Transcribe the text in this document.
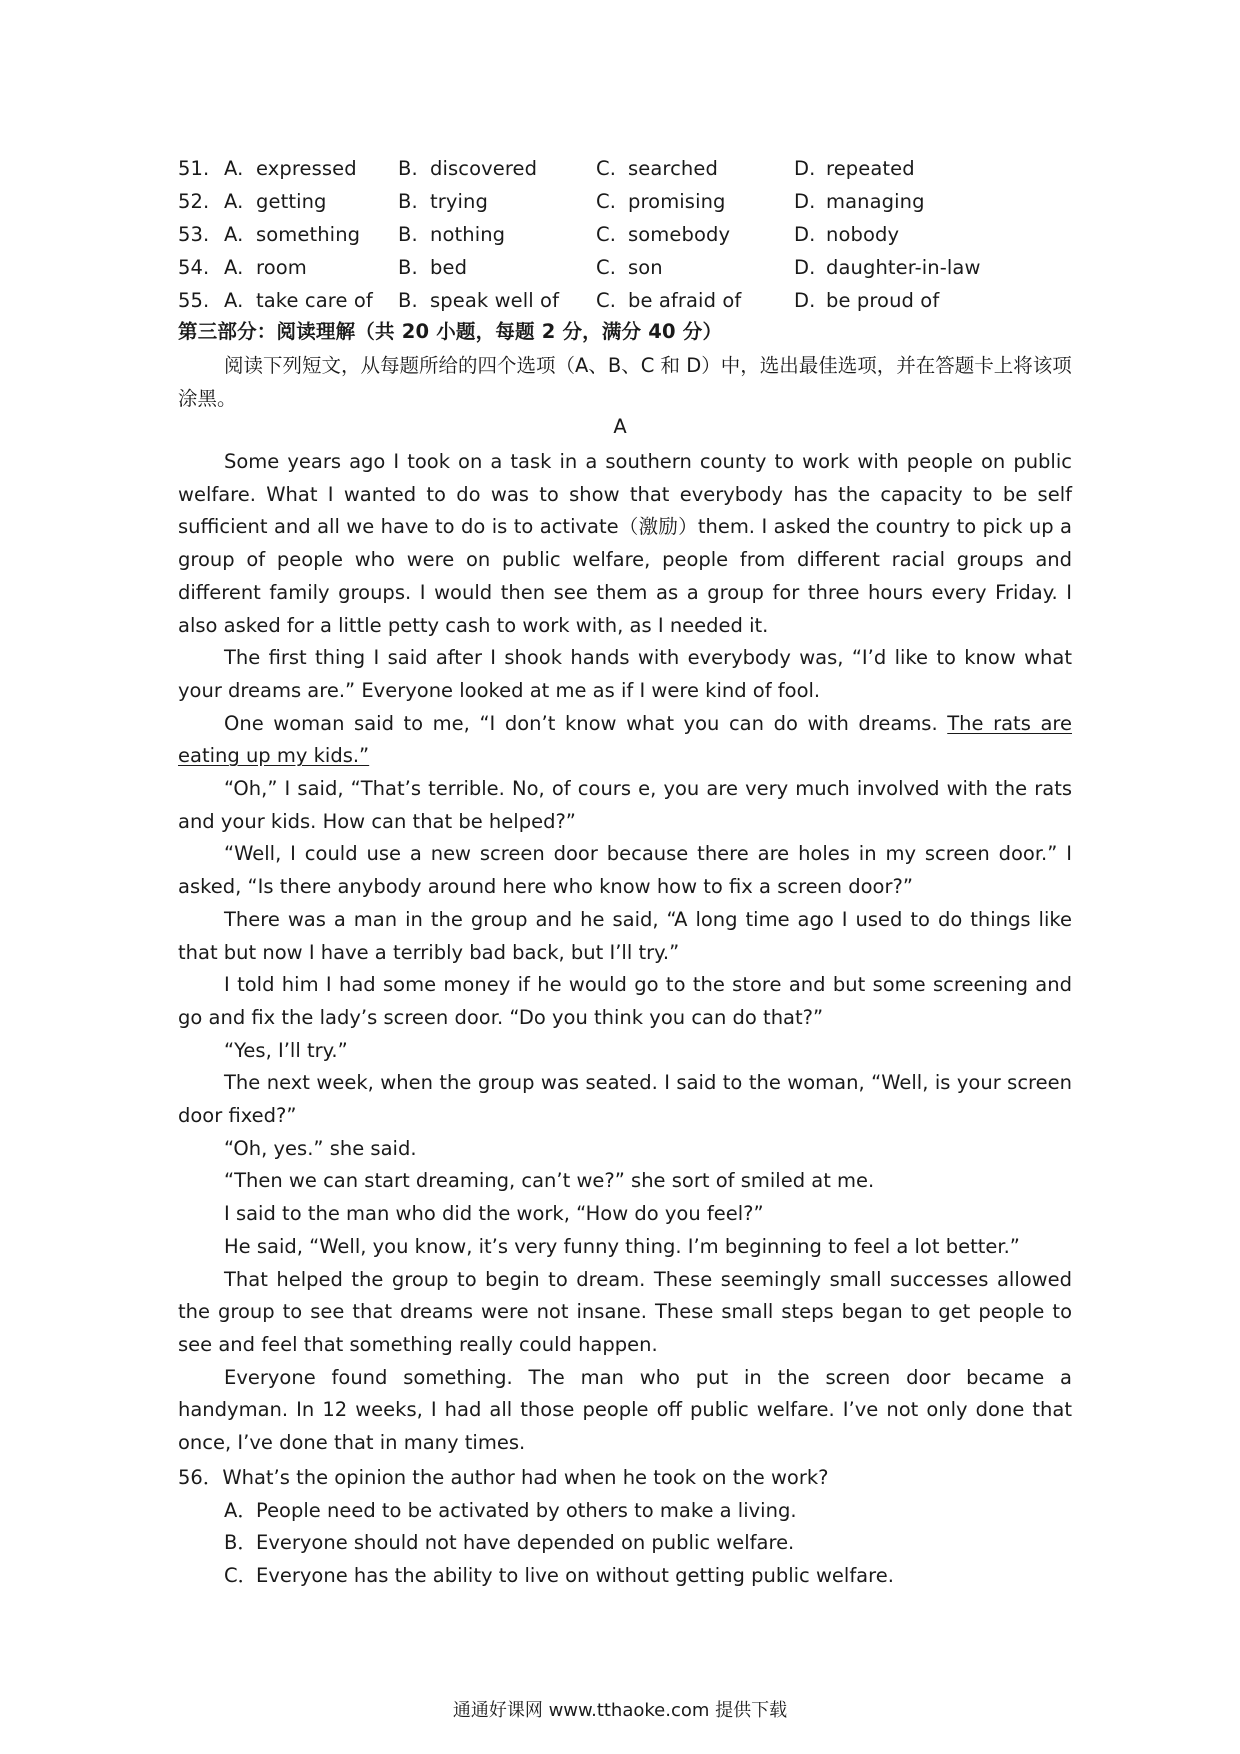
51. A. expressed B. discovered	C. searched	D. repeated
52. A. getting	B. trying	C. promising	D. managing
53. A. something B. nothing	C. somebody	D. nobody
54. A. room	B. bed	C. son	D. daughter-in-law
55. A. take care of B. speak well of C. be afraid of	D. be proud of
第三部分：阅读理解（共 20 小题，每题 2 分，满分 40 分）
阅读下列短文，从每题所给的四个选项（A、B、C 和 D）中，选出最佳选项，并在答题卡上将该项涂黑。
A

Some years ago I took on a task in a southern county to work with people on public welfare. What I wanted to do was to show that everybody has the capacity to be self sufficient and all we have to do is to activate（激励）them. I asked the country to pick up a group of people who were on public welfare, people from different racial groups and different family groups. I would then see them as a group for three hours every Friday. I also asked for a little petty cash to work with, as I needed it.

The first thing I said after I shook hands with everybody was, “I’d like to know what your dreams are.” Everyone looked at me as if I were kind of fool.

One woman said to me, “I don’t know what you can do with dreams. The rats are eating up my kids.”

“Oh,” I said, “That’s terrible. No, of cours e, you are very much involved with the rats and your kids. How can that be helped?”

“Well, I could use a new screen door because there are holes in my screen door.” I asked, “Is there anybody around here who know how to fix a screen door?”

There was a man in the group and he said, “A long time ago I used to do things like that but now I have a terribly bad back, but I’ll try.”

I told him I had some money if he would go to the store and but some screening and go and fix the lady’s screen door. “Do you think you can do that?”

“Yes, I’ll try.”

The next week, when the group was seated. I said to the woman, “Well, is your screen door fixed?”

“Oh, yes.” she said.

“Then we can start dreaming, can’t we?” she sort of smiled at me.

I said to the man who did the work, “How do you feel?”

He said, “Well, you know, it’s very funny thing. I’m beginning to feel a lot better.”

That helped the group to begin to dream. These seemingly small successes allowed the group to see that dreams were not insane. These small steps began to get people to see and feel that something really could happen.

Everyone found something. The man who put in the screen door became a handyman. In 12 weeks, I had all those people off public welfare. I’ve not only done that once, I’ve done that in many times.

56．What’s the opinion the author had when he took on the work?

A． People need to be activated by others to make a living.

B． Everyone should not have depended on public welfare.

C．
Everyone has the ability to live on without getting public welfare.

通通好课网 www.tthaoke.com 提供下载
